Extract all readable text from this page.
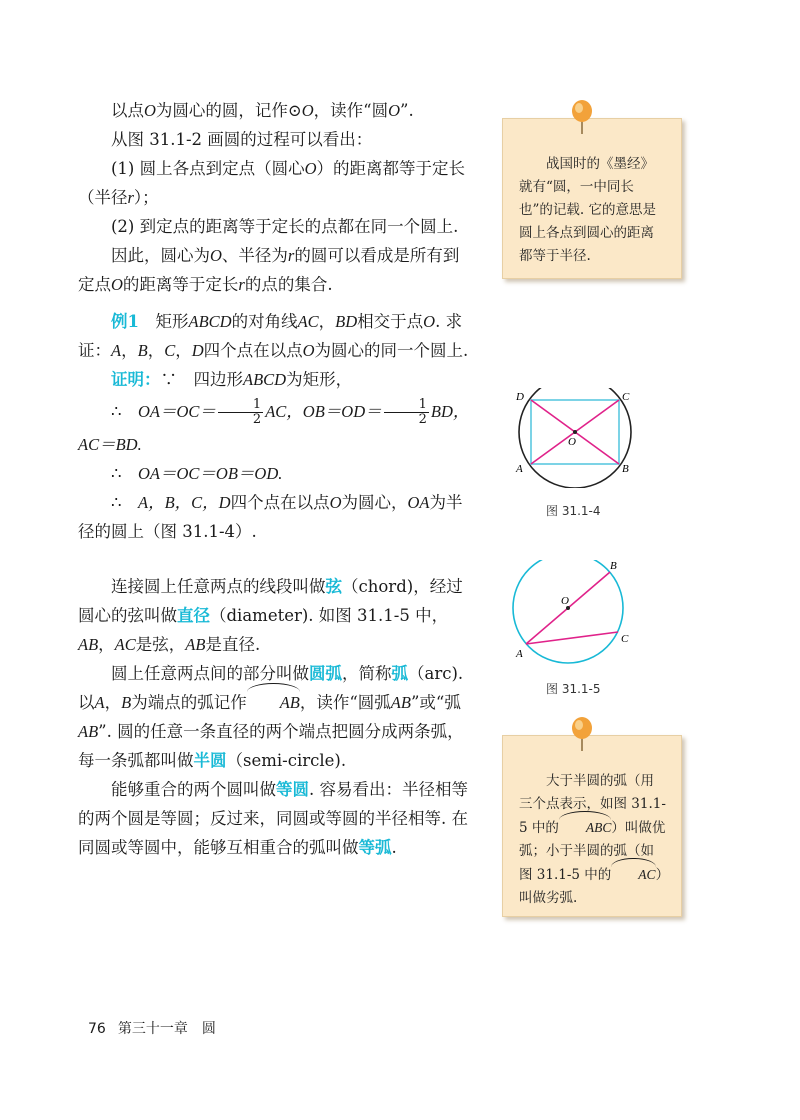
以点O为圆心的圆，记作⊙O，读作“圆O”.

从图 31.1-2 画圆的过程可以看出：

(1) 圆上各点到定点（圆心O）的距离都等于定长（半径r）；

(2) 到定点的距离等于定长的点都在同一个圆上.

因此，圆心为O、半径为r的圆可以看成是所有到定点O的距离等于定长r的点的集合.

例1　 矩形ABCD的对角线AC，BD相交于点O. 求证：A，B，C，D四个点在以点O为圆心的同一个圆上.

证明：∵　 四边形ABCD为矩形，

∴　 $OA=OC= \frac{1}{2}$ AC，$OB=OD= \frac{1}{2}$ BD，

AC＝BD.

∴　 OA＝OC＝OB＝OD.

∴　 A，B，C，D四个点在以点O为圆心，OA为半径的圆上（图 31.1-4）.

连接圆上任意两点的线段叫做弦（chord)，经过圆心的弦叫做直径（diameter). 如图 31.1-5 中，AB，AC是弦，AB是直径.

圆上任意两点间的部分叫做圆弧，简称弧（arc). 以A，B为端点的弧记作 AB，读作“圆弧AB”或“弧AB”. 圆的任意一条直径的两个端点把圆分成两条弧，每一条弧都叫做半圆（semi-circle).

能够重合的两个圆叫做等圆. 容易看出：半径相等的两个圆是等圆；反过来，同圆或等圆的半径相等. 在同圆或等圆中，能够互相重合的弧叫做等弧.

战国时的《墨经》就有“圆，一中同长也”的记载. 它的意思是圆上各点到圆心的距离都等于半径.

D	C
A	B
O
图 31.1-4
O
B
C
A
图 31.1-5

大于半圆的弧（用三个点表示，如图 31.1-5 中的 ABC）叫做优弧；小于半圆的弧（如图 31.1-5 中的 AC）叫做劣弧.

76 第三十一章　圆
